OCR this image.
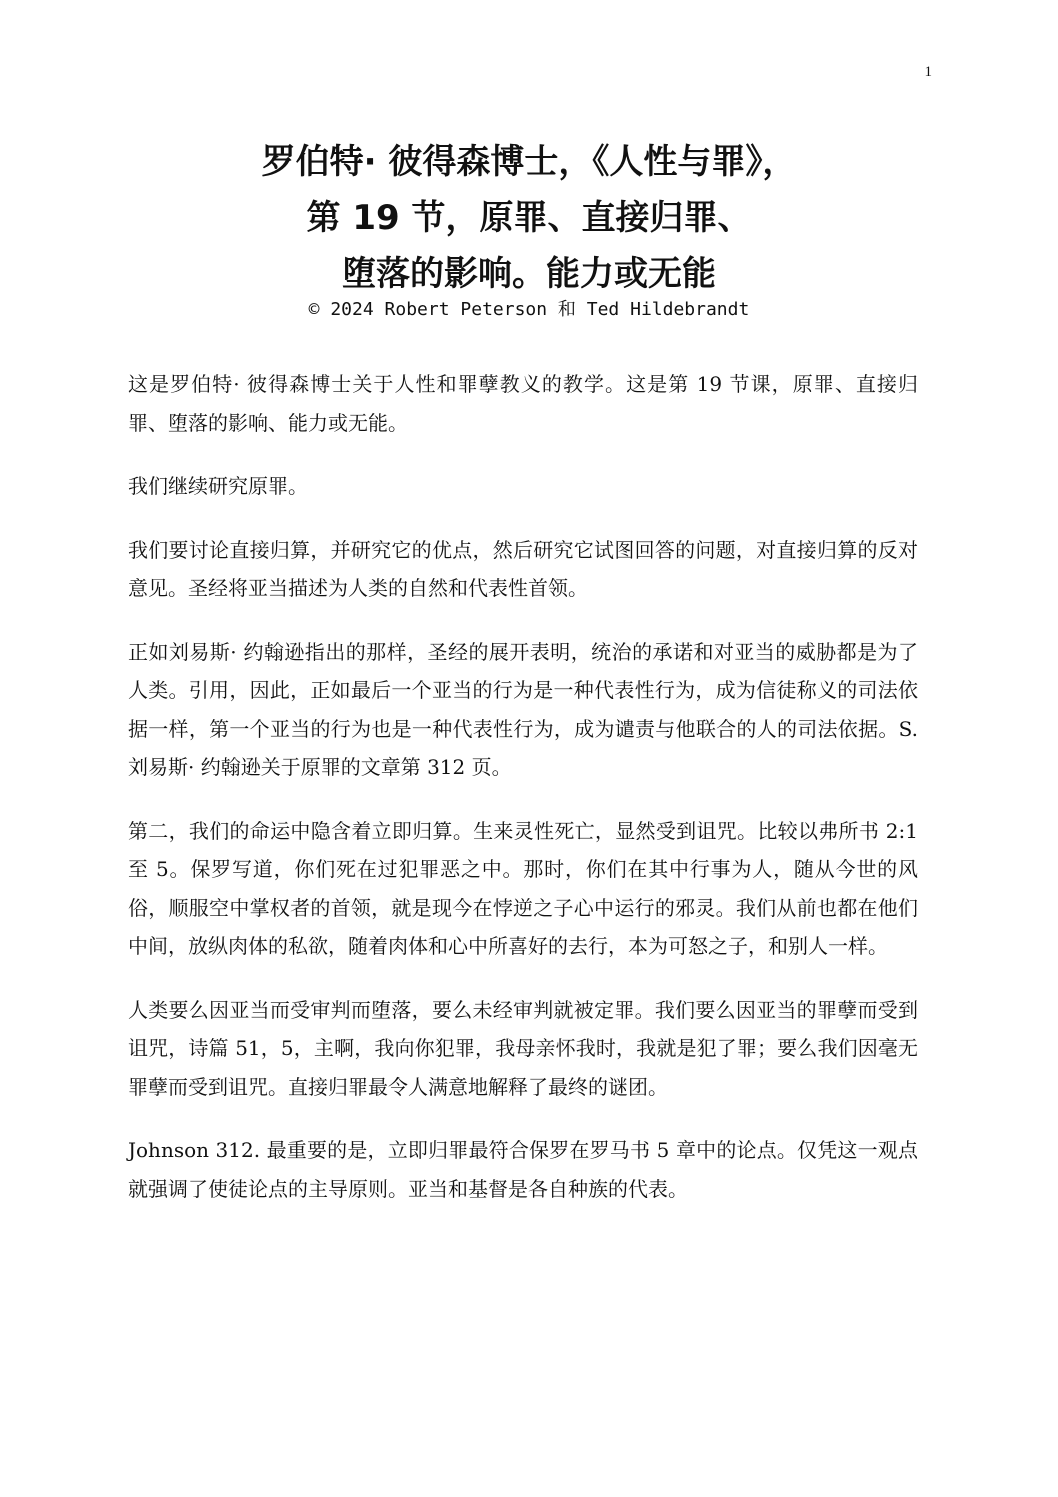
1

罗伯特· 彼得森博士，《人性与罪》，

第 19 节，原罪、直接归罪、

堕落的影响。能力或无能

© 2024 Robert Peterson 和 Ted Hildebrandt

这是罗伯特· 彼得森博士关于人性和罪孽教义的教学。这是第 19 节课，原罪、直接归罪、堕落的影响、能力或无能。

我们继续研究原罪。

我们要讨论直接归算，并研究它的优点，然后研究它试图回答的问题，对直接归算的反对意见。圣经将亚当描述为人类的自然和代表性首领。

正如刘易斯· 约翰逊指出的那样，圣经的展开表明，统治的承诺和对亚当的威胁都是为了人类。引用，因此，正如最后一个亚当的行为是一种代表性行为，成为信徒称义的司法依据一样，第一个亚当的行为也是一种代表性行为，成为谴责与他联合的人的司法依据。S. 刘易斯· 约翰逊关于原罪的文章第 312 页。

第二，我们的命运中隐含着立即归算。生来灵性死亡，显然受到诅咒。比较以弗所书 2:1 至 5。保罗写道，你们死在过犯罪恶之中。那时，你们在其中行事为人，随从今世的风俗，顺服空中掌权者的首领，就是现今在悖逆之子心中运行的邪灵。我们从前也都在他们中间，放纵肉体的私欲，随着肉体和心中所喜好的去行，本为可怒之子，和别人一样。

人类要么因亚当而受审判而堕落，要么未经审判就被定罪。我们要么因亚当的罪孽而受到诅咒，诗篇 51，5，主啊，我向你犯罪，我母亲怀我时，我就是犯了罪；要么我们因毫无罪孽而受到诅咒。直接归罪最令人满意地解释了最终的谜团。

Johnson 312. 最重要的是，立即归罪最符合保罗在罗马书 5 章中的论点。仅凭这一观点就强调了使徒论点的主导原则。亚当和基督是各自种族的代表。
